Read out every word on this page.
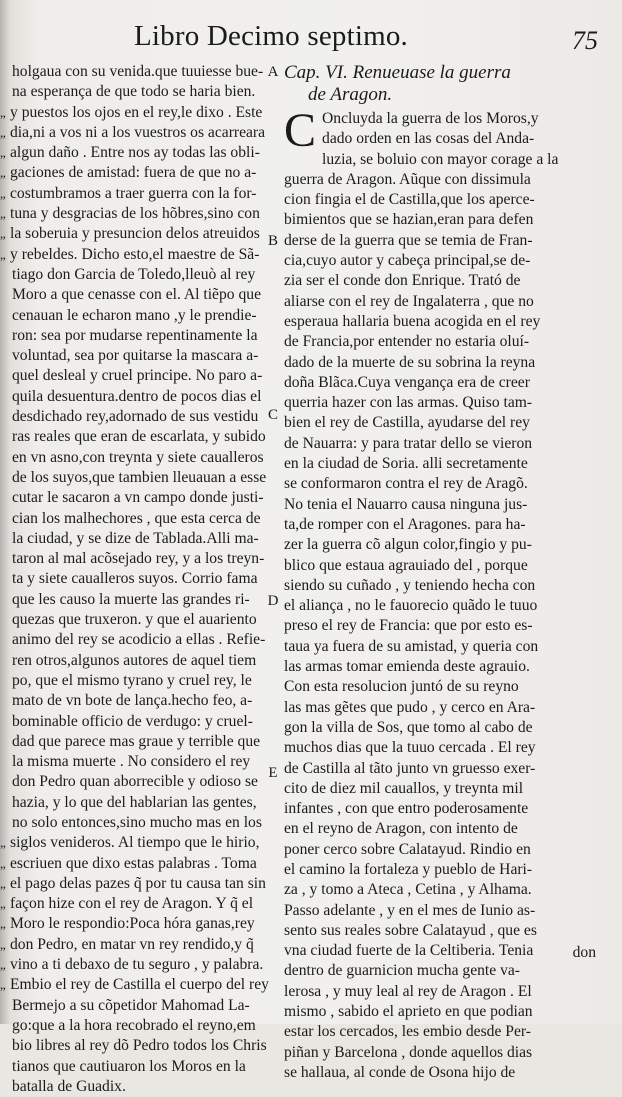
Libro Decimo septimo.	75
holgaua con su venida.que tuuiesse bue-
na esperança de que todo se haria bien.
„ y puestos los ojos en el rey,le dixo . Este
„ dia,ni a vos ni a los vuestros os acarreara
„ algun daño . Entre nos ay todas las obli-
„ gaciones de amistad: fuera de que no a-
„ costumbramos a traer guerra con la for-
„ tuna y desgracias de los hõbres,sino con
„ la soberuia y presuncion delos atreuidos
„ y rebeldes. Dicho esto,el maestre de Sã-
tiago don Garcia de Toledo,lleuò al rey
Moro a que cenasse con el. Al tiẽpo que
cenauan le echaron mano ,y le prendie-
ron: sea por mudarse repentinamente la
voluntad, sea por quitarse la mascara a-
quel desleal y cruel principe. No paro a-
quila desuentura.dentro de pocos dias el
desdichado rey,adornado de sus vestidu
ras reales que eran de escarlata, y subido
en vn asno,con treynta y siete caualleros
de los suyos,que tambien lleuauan a esse
cutar le sacaron a vn campo donde justi-
cian los malhechores , que esta cerca de
la ciudad, y se dize de Tablada.Alli ma-
taron al mal acõsejado rey, y a los treyn-
ta y siete caualleros suyos. Corrio fama
que les causo la muerte las grandes ri-
quezas que truxeron. y que el auariento
animo del rey se acodicio a ellas . Refie-
ren otros,algunos autores de aquel tiem
po, que el mismo tyrano y cruel rey, le
mato de vn bote de lança.hecho feo, a-
bominable officio de verdugo: y cruel-
dad que parece mas graue y terrible que
la misma muerte . No considero el rey
don Pedro quan aborrecible y odioso se
hazia, y lo que del hablarian las gentes,
no solo entonces,sino mucho mas en los
„ siglos venideros. Al tiempo que le hirio,
„ escriuen que dixo estas palabras . Toma
„ el pago delas pazes q̃ por tu causa tan sin
„ façon hize con el rey de Aragon. Y q̃ el
„ Moro le respondio:Poca hóra ganas,rey
„ don Pedro, en matar vn rey rendido,y q̃
„ vino a ti debaxo de tu seguro , y palabra.
„ Embio el rey de Castilla el cuerpo del rey
Bermejo a su cõpetidor Mahomad La-
go:que a la hora recobrado el reyno,em
bio libres al rey dõ Pedro todos los Chris
tianos que cautiuaron los Moros en la
batalla de Guadix.
Cap. VI. Renueuase la guerra
de Aragon.
C Oncluyda la guerra de los Moros,y
dado orden en las cosas del Anda-
luzia, se boluio con mayor corage a la
guerra de Aragon. Aũque con dissimula
cion fingia el de Castilla,que los aperce-
bimientos que se hazian,eran para defen
derse de la guerra que se temia de Fran-
cia,cuyo autor y cabeça principal,se de-
zia ser el conde don Enrique. Trató de
aliarse con el rey de Ingalaterra , que no
esperaua hallaria buena acogida en el rey
de Francia,por entender no estaria oluí-
dado de la muerte de su sobrina la reyna
doña Blãca.Cuya vengança era de creer
querria hazer con las armas. Quiso tam-
bien el rey de Castilla, ayudarse del rey
de Nauarra: y para tratar dello se vieron
en la ciudad de Soria. alli secretamente
se conformaron contra el rey de Aragõ.
No tenia el Nauarro causa ninguna jus-
ta,de romper con el Aragones. para ha-
zer la guerra cõ algun color,fingio y pu-
blico que estaua agrauiado del , porque
siendo su cuñado , y teniendo hecha con
el aliança , no le fauorecio quãdo le tuuo
preso el rey de Francia: que por esto es-
taua ya fuera de su amistad, y queria con
las armas tomar emienda deste agrauio.
Con esta resolucion juntó de su reyno
las mas gẽtes que pudo , y cerco en Ara-
gon la villa de Sos, que tomo al cabo de
muchos dias que la tuuo cercada . El rey
de Castilla al tãto junto vn gruesso exer-
cito de diez mil cauallos, y treynta mil
infantes , con que entro poderosamente
en el reyno de Aragon, con intento de
poner cerco sobre Calatayud. Rindio en
el camino la fortaleza y pueblo de Hari-
za , y tomo a Ateca , Cetina , y Alhama.
Passo adelante , y en el mes de Iunio as-
sento sus reales sobre Calatayud , que es
vna ciudad fuerte de la Celtiberia. Tenia
dentro de guarnicion mucha gente va-
lerosa , y muy leal al rey de Aragon . El
mismo , sabido el aprieto en que podian
estar los cercados, les embio desde Per-
piñan y Barcelona , donde aquellos dias
se hallaua, al conde de Osona hijo de
A
B
C
D
E
don
